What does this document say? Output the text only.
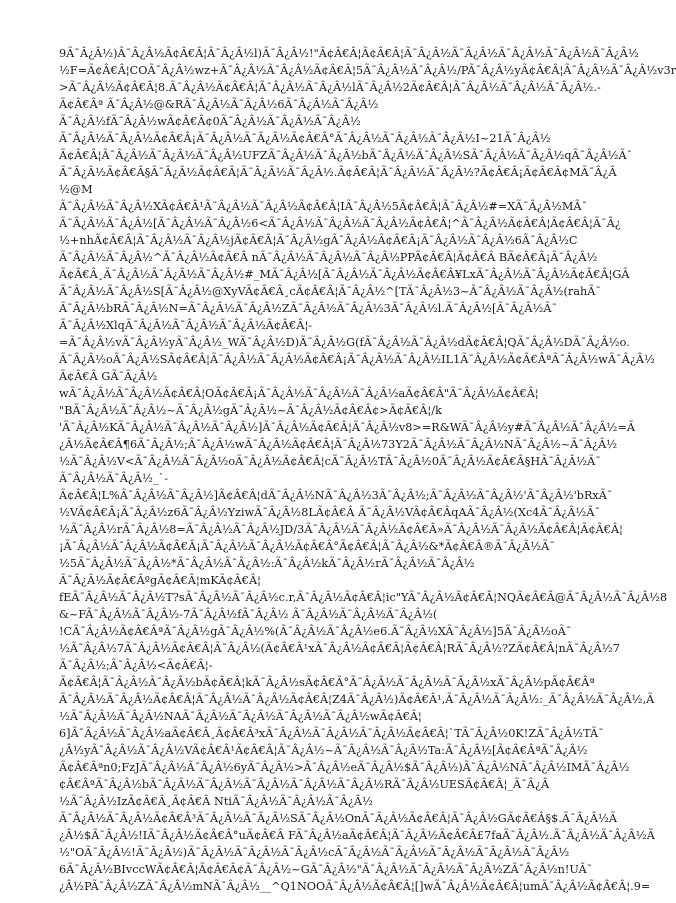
9Ã¯Â¿Â½)Ã¯Â¿Â½Ã¢Â€Â¦Ã¯Â¿Â½l)Ã¯Â¿Â½!"Ã¢Â€Â¦Ã¢Â€Â¦Ã¯Â¿Â½Ã¯Â¿Â½Ã¯Â¿Â½Ã¯Â¿Â½Ã¯Â¿Â½
½F=Ã¢Â€Â¦COÃ¯Â¿Â½wz+Ã¯Â¿Â½Ã¯Â¿Â½Ã¢Â€Â¦5Ã¯Â¿Â½Ã¯Â¿Â½/PÃ¯Â¿Â½yÃ¢Â€Â¦Ã¯Â¿Â½Ã¯Â¿Â½v3r
>Ã¯Â¿Â½Ã¢Â€Â¦8.Ã¯Â¿Â½Ã¢Â€Â¦Ã¯Â¿Â½Ã¯Â¿Â½lÃ¯Â¿Â½2Ã¢Â€Â¦Ã¯Â¿Â½Ã¯Â¿Â½Ã¯Â¿Â½.-
Ã¢Â€Âª Ã¯Â¿Â½@&RÃ¯Â¿Â½Ã¯Â¿Â½6Ã¯Â¿Â½Ã¯Â¿Â½
Ã¯Â¿Â½fÃ¯Â¿Â½wÃ¢Â€Â¢0Ã¯Â¿Â½Ã¯Â¿Â½Ã¯Â¿Â½
Ã¯Â¿Â½Ã¯Â¿Â½Ã¢Â€Â¡Ã¯Â¿Â½Ã¯Â¿Â½Ã¢Â€Â°Ã¯Â¿Â½Ã¯Â¿Â½Ã¯Â¿Â½I~21Ã¯Â¿Â½
Ã¢Â€Â¦Ã¯Â¿Â½Ã¯Â¿Â½Ã¯Â¿Â½UFZÃ¯Â¿Â½Ã¯Â¿Â½bÃ¯Â¿Â½Ã¯Â¿Â½SÃ¯Â¿Â½Ã¯Â¿Â½qÃ¯Â¿Â½Ã¯
Ã¯Â¿Â½Ã¢Â€Â§Ã¯Â¿Â½Ã¢Â€Â¦Ã¯Â¿Â½Ã¯Â¿Â½.Ã¢Â€Â¦Ã¯Â¿Â½Ã¯Â¿Â½?Ã¢Â€Â¡Ã¢Â€Â¢MÃ¯Â¿Â
½@M
Ã¯Â¿Â½Ã¯Â¿Â½XÃ¢Â€Â¹Ã¯Â¿Â½Ã¯Â¿Â½Ã¢Â€Â¦IÃ¯Â¿Â½5Ã¢Â€Â¦Ã¯Â¿Â½#=XÃ¯Â¿Â½MÃ¯
Ã¯Â¿Â½Ã¯Â¿Â½[Ã¯Â¿Â½Ã¯Â¿Â½6<Ã¯Â¿Â½Ã¯Â¿Â½Ã¯Â¿Â½Ã¢Â€Â¦^Ã¯Â¿Â½Ã¢Â€Â¦Ã¢Â€Â¦Ã¯Â¿
½+nhÃ¢Â€Â¦Ã¯Â¿Â½Ã¯Â¿Â½jÃ¢Â€Â¦Ã¯Â¿Â½gÃ¯Â¿Â½Ã¢Â€Â¡Ã¯Â¿Â½Ã¯Â¿Â½6Ã¯Â¿Â½C
Ã¯Â¿Â½Ã¯Â¿Â½^Ã¯Â¿Â½Ã¢Â€Â nÃ¯Â¿Â½Ã¯Â¿Â½Ã¯Â¿Â½PPÃ¢Â€Â¦Ã¢Â€Â BÃ¢Â€Â¡Ã¯Â¿Â½
Ã¢Â€Â¸Ã¯Â¿Â½Ã¯Â¿Â½Ã¯Â¿Â½#_MÃ¯Â¿Â½[Ã¯Â¿Â½Ã¯Â¿Â½Ã¢Â€Â¥LxÃ¯Â¿Â½Ã¯Â¿Â½Ã¢Â€Â¦GÃ
Ã¯Â¿Â½Ã¯Â¿Â½S[Ã¯Â¿Â½@XyVÃ¢Â€Â¸cÃ¢Â€Â¦Ã¯Â¿Â½^[TÃ¯Â¿Â½3~Ã¯Â¿Â½Ã¯Â¿Â½(rahÃ¯
Ã¯Â¿Â½bRÃ¯Â¿Â½N=Ã¯Â¿Â½Ã¯Â¿Â½ZÃ¯Â¿Â½Ã¯Â¿Â½3Ã¯Â¿Â½l.Ã¯Â¿Â½[Ã¯Â¿Â½Ã¯
Ã¯Â¿Â½XlqÃ¯Â¿Â½Ã¯Â¿Â½Ã¯Â¿Â½Ã¢Â€Â¦-
=Ã¯Â¿Â½vÃ¯Â¿Â½yÃ¯Â¿Â½_WÃ¯Â¿Â½D)Ã¯Â¿Â½G(fÃ¯Â¿Â½Ã¯Â¿Â½dÃ¢Â€Â¦QÃ¯Â¿Â½DÃ¯Â¿Â½o.
Ã¯Â¿Â½oÃ¯Â¿Â½SÃ¢Â€Â¦Ã¯Â¿Â½Ã¯Â¿Â½Ã¢Â€Â¡Ã¯Â¿Â½Ã¯Â¿Â½IL1Ã¯Â¿Â½Ã¢Â€ÂªÃ¯Â¿Â½wÃ¯Â¿Â½
Ã¢Â€Â GÃ¯Â¿Â½
wÃ¯Â¿Â½Ã¯Â¿Â½Ã¢Â€Â¦OÃ¢Â€Â¡Ã¯Â¿Â½Ã¯Â¿Â½Ã¯Â¿Â½aÃ¢Â€Â"Ã¯Â¿Â½Ã¢Â€Â¦
"BÃ¯Â¿Â½Ã¯Â¿Â½~Ã¯Â¿Â½gÃ¯Â¿Â½~Ã¯Â¿Â½Ã¢Â€Â¢>Ã¢Â€Â¦/k
'Ã¯Â¿Â½KÃ¯Â¿Â½Ã¯Â¿Â½Ã¯Â¿Â½]Ã¯Â¿Â½Ã¢Â€Â¦Ã¯Â¿Â½v8>=R&WÃ¯Â¿Â½y#Ã¯Â¿Â½Ã¯Â¿Â½=Ã
¿Â½Ã¢Â€Â¶6Ã¯Â¿Â½;Ã¯Â¿Â½wÃ¯Â¿Â½Ã¢Â€Â¦Ã¯Â¿Â½73Y2Ã¯Â¿Â½Ã¯Â¿Â½NÃ¯Â¿Â½~Ã¯Â¿Â½
½Ã¯Â¿Â½V<Ã¯Â¿Â½Ã¯Â¿Â½oÃ¯Â¿Â½Ã¢Â€Â¦cÃ¯Â¿Â½TÃ¯Â¿Â½0Ã¯Â¿Â½Ã¢Â€Â§HÃ¯Â¿Â½Ã¯
Ã¯Â¿Â½Ã¯Â¿Â½_`-
Ã¢Â€Â¦L%Ã¯Â¿Â½Ã¯Â¿Â½]Ã¢Â€Â¦dÃ¯Â¿Â½NÃ¯Â¿Â½3Ã¯Â¿Â½;Ã¯Â¿Â½Ã¯Â¿Â½'Ã¯Â¿Â½'bRxÃ¯
½VÃ¢Â€Â¡Ã¯Â¿Â½z6Ã¯Â¿Â½YziwÃ¯Â¿Â½8LÃ¢Â€Â Ã¯Â¿Â½VÃ¢Â€ÂqAÃ¯Â¿Â½(Xc4Ã¯Â¿Â½Ã¯
½Ã¯Â¿Â½rÃ¯Â¿Â½8=Ã¯Â¿Â½Ã¯Â¿Â½JD/3Ã¯Â¿Â½Ã¯Â¿Â½Ã¢Â€Â»Ã¯Â¿Â½Ã¯Â¿Â½Ã¢Â€Â¦Ã¢Â€Â¦
¡Ã¯Â¿Â½Ã¯Â¿Â½Ã¢Â€Â¡Ã¯Â¿Â½Ã¯Â¿Â½Ã¢Â€Â°Ã¢Â€Â¦Ã¯Â¿Â½&*Ã¢Â€Â®Ã¯Â¿Â½Ã¯
½5Ã¯Â¿Â½Ã¯Â¿Â½*Ã¯Â¿Â½Ã¯Â¿Â½:Ã¯Â¿Â½kÃ¯Â¿Â½rÃ¯Â¿Â½Ã¯Â¿Â½
Ã¯Â¿Â½Ã¢Â€ÂºgÃ¢Â€Â¦mKÃ¢Â€Â¦
fEÃ¯Â¿Â½Ã¯Â¿Â½T?sÃ¯Â¿Â½Ã¯Â¿Â½c.r,Ã¯Â¿Â½Ã¢Â€Â¦ic"YÃ¯Â¿Â½Ã¢Â€Â¦NQÃ¢Â€Â@Ã¯Â¿Â½Ã¯Â¿Â½8
&~FÃ¯Â¿Â½Ã¯Â¿Â½-7Ã¯Â¿Â½fÃ¯Â¿Â½ Ã¯Â¿Â½Ã¯Â¿Â½Ã¯Â¿Â½(
!CÃ¯Â¿Â½Ã¢Â€ÂªÃ¯Â¿Â½gÃ¯Â¿Â½%(Ã¯Â¿Â½Ã¯Â¿Â½e6.Ã¯Â¿Â½XÃ¯Â¿Â½]5Ã¯Â¿Â½oÃ¯
½Ã¯Â¿Â½7Ã¯Â¿Â½Ã¢Â€Â¦Ã¯Â¿Â½(Ã¢Â€Â¹xÃ¯Â¿Â½Ã¢Â€Â¦Ã¢Â€Â¦RÃ¯Â¿Â½?ZÃ¢Â€Â¦nÃ¯Â¿Â½7
Ã¯Â¿Â½;Ã¯Â¿Â½<Ã¢Â€Â¦-
Ã¢Â€Â¦Ã¯Â¿Â½Ã¯Â¿Â½bÃ¢Â€Â¦kÃ¯Â¿Â½sÃ¢Â€Â°Ã¯Â¿Â½Ã¯Â¿Â½Ã¯Â¿Â½xÃ¯Â¿Â½pÃ¢Â€Âª
Ã¯Â¿Â½Ã¯Â¿Â½Ã¢Â€Â¦Ã¯Â¿Â½Ã¯Â¿Â½Ã¢Â€Â¦Z4Ã¯Â¿Â½)Ã¢Â€Â¹,Ã¯Â¿Â½Ã¯Â¿Â½:_Ã¯Â¿Â½Ã¯Â¿Â½,Ã
½Ã¯Â¿Â½Ã¯Â¿Â½NAÃ¯Â¿Â½Ã¯Â¿Â½Ã¯Â¿Â½Ã¯Â¿Â½wÃ¢Â€Â¦
6]Ã¯Â¿Â½Ã¯Â¿Â½aÃ¢Â€Â¸Ã¢Â€Â³xÃ¯Â¿Â½Ã¯Â¿Â½Ã¯Â¿Â½Ã¢Â€Â¦`TÃ¯Â¿Â½0K!ZÃ¯Â¿Â½TÃ¯
¿Â½yÃ¯Â¿Â½Ã¯Â¿Â½VÃ¢Â€Â¹Ã¢Â€Â¦Ã¯Â¿Â½~Ã¯Â¿Â½Ã¯Â¿Â½Ta:Ã¯Â¿Â½[Ã¢Â€ÂªÃ¯Â¿Â½
Ã¢Â€Âªn0;FzJÃ¯Â¿Â½Ã¯Â¿Â½6yÃ¯Â¿Â½>Ã¯Â¿Â½eÃ¯Â¿Â½$Ã¯Â¿Â½)Ã¯Â¿Â½NÃ¯Â¿Â½IMÃ¯Â¿Â½
¢Â€ÂªÃ¯Â¿Â½bÃ¯Â¿Â½Ã¯Â¿Â½Ã¯Â¿Â½Ã¯Â¿Â½Ã¯Â¿Â½RÃ¯Â¿Â½UESÃ¢Â€Â¦_Ã¯Â¿Â
½Ã¯Â¿Â½IzÃ¢Â€Â¸Ã¢Â€Â NtiÃ¯Â¿Â½Ã¯Â¿Â½Ã¯Â¿Â½
Ã¯Â¿Â½Ã¯Â¿Â½Ã¢Â€Â³Ã¯Â¿Â½Ã¯Â¿Â½SÃ¯Â¿Â½OnÃ¯Â¿Â½Ã¢Â€Â¦Ã¯Â¿Â½GÃ¢Â€Â§$.Ã¯Â¿Â½Ã
¿Â½$Ã¯Â¿Â½!IÃ¯Â¿Â½Ã¢Â€Â°uÃ¢Â€Â FÃ¯Â¿Â½aÃ¢Â€Â¦Ã¯Â¿Â½Ã¢Â€Â£7faÃ¯Â¿Â½.Ã¯Â¿Â½Ã¯Â¿Â½Ã
½"OÃ¯Â¿Â½!Ã¯Â¿Â½)Ã¯Â¿Â½Ã¯Â¿Â½Ã¯Â¿Â½cÃ¯Â¿Â½Ã¯Â¿Â½Ã¯Â¿Â½Ã¯Â¿Â½Ã¯Â¿Â½
6Ã¯Â¿Â½BIvccWÃ¢Â€Â¦Ã¢Â€Â¢Ã¯Â¿Â½~GÃ¯Â¿Â½"Ã¯Â¿Â½Ã¯Â¿Â½Ã¯Â¿Â½ZÃ¯Â¿Â½n!UÃ¯
¿Â½PÃ¯Â¿Â½ZÃ¯Â¿Â½mNÃ¯Â¿Â½__^Q1NOOÃ¯Â¿Â½Ã¢Â€Â¦[]wÃ¯Â¿Â½Ã¢Â€Â¦umÃ¯Â¿Â½Ã¢Â€Â¦.9=
